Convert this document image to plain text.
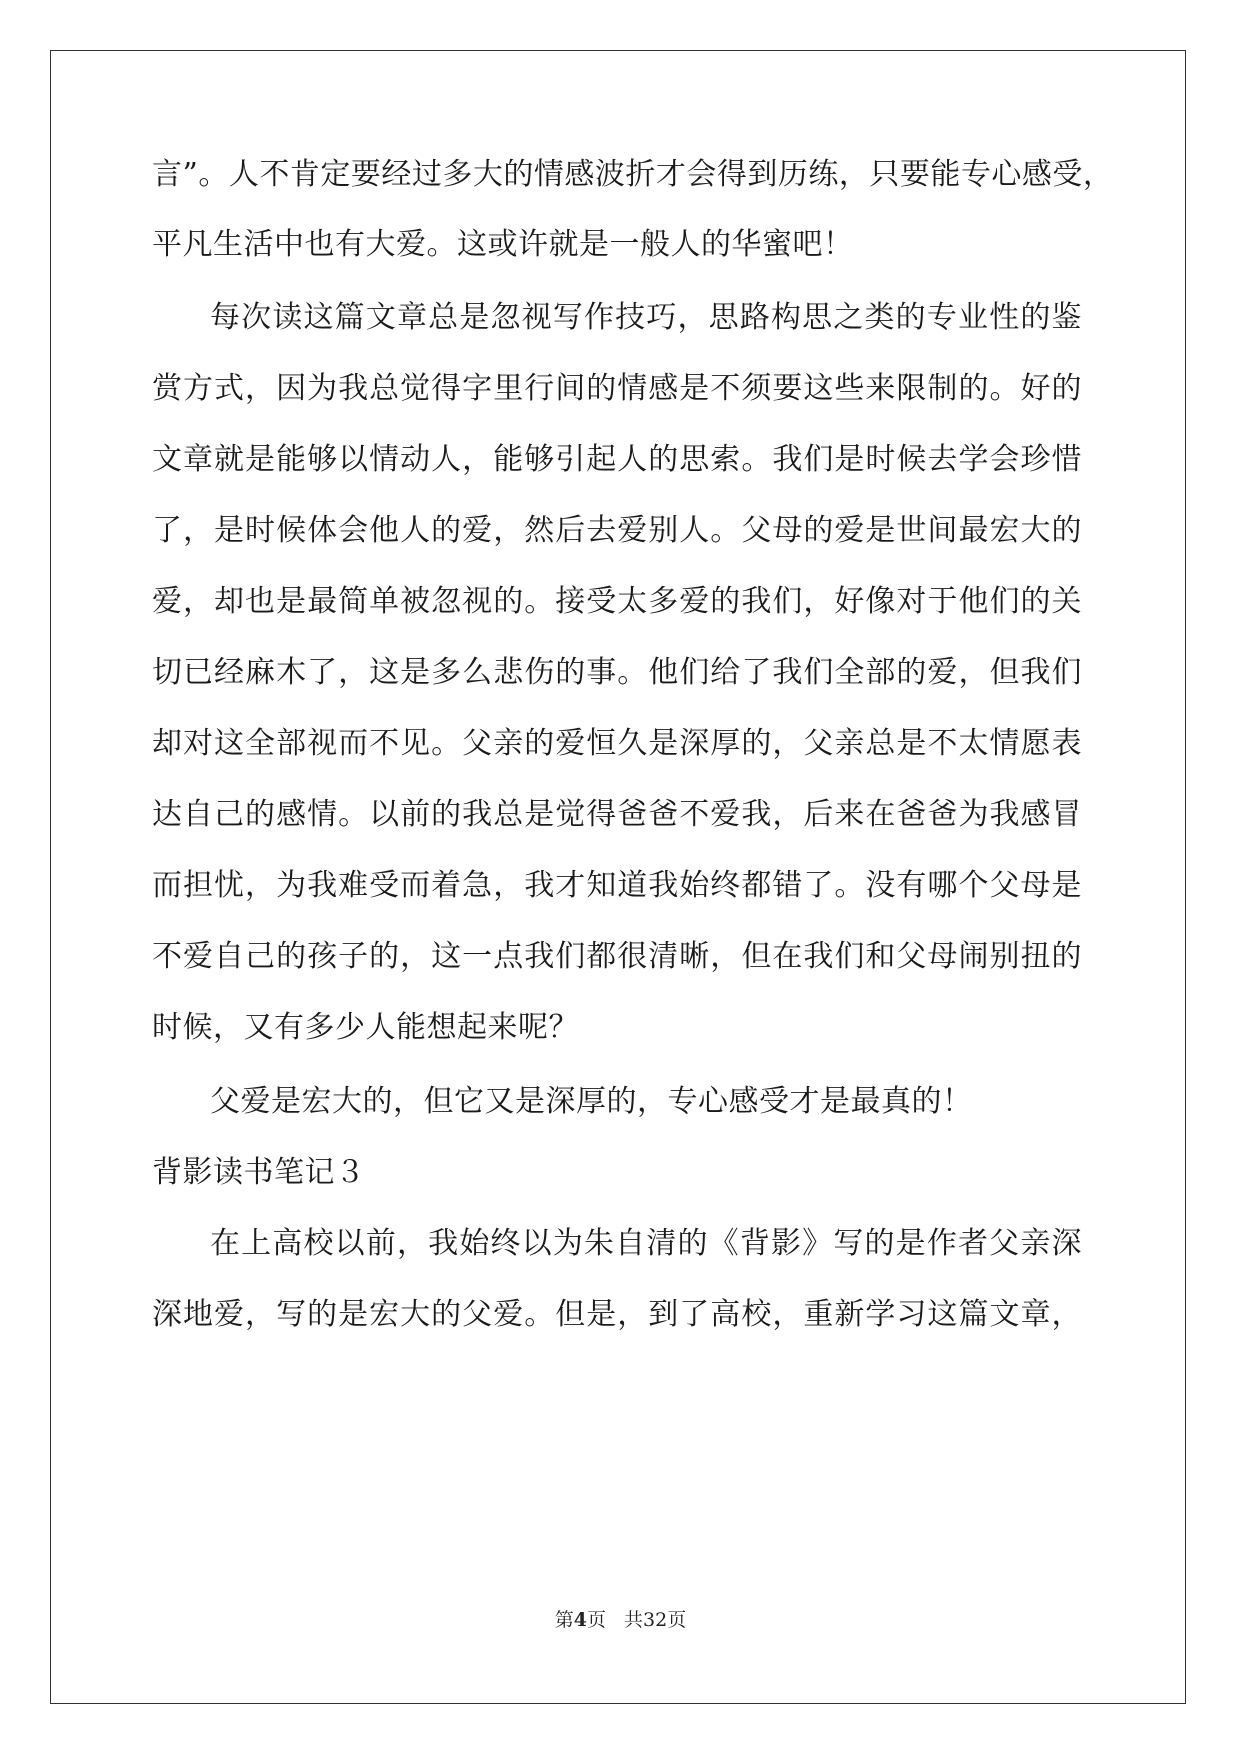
言”。人不肯定要经过多大的情感波折才会得到历练，只要能专心感受，
平凡生活中也有大爱。这或许就是一般人的华蜜吧！
每次读这篇文章总是忽视写作技巧，思路构思之类的专业性的鉴
赏方式，因为我总觉得字里行间的情感是不须要这些来限制的。好的
文章就是能够以情动人，能够引起人的思索。我们是时候去学会珍惜
了，是时候体会他人的爱，然后去爱别人。父母的爱是世间最宏大的
爱，却也是最简单被忽视的。接受太多爱的我们，好像对于他们的关
切已经麻木了，这是多么悲伤的事。他们给了我们全部的爱，但我们
却对这全部视而不见。父亲的爱恒久是深厚的，父亲总是不太情愿表
达自己的感情。以前的我总是觉得爸爸不爱我，后来在爸爸为我感冒
而担忧，为我难受而着急，我才知道我始终都错了。没有哪个父母是
不爱自己的孩子的，这一点我们都很清晰，但在我们和父母闹别扭的
时候，又有多少人能想起来呢？
父爱是宏大的，但它又是深厚的，专心感受才是最真的！
背影读书笔记３
在上高校以前，我始终以为朱自清的《背影》写的是作者父亲深
深地爱，写的是宏大的父爱。但是，到了高校，重新学习这篇文章，
第4页 共32页
